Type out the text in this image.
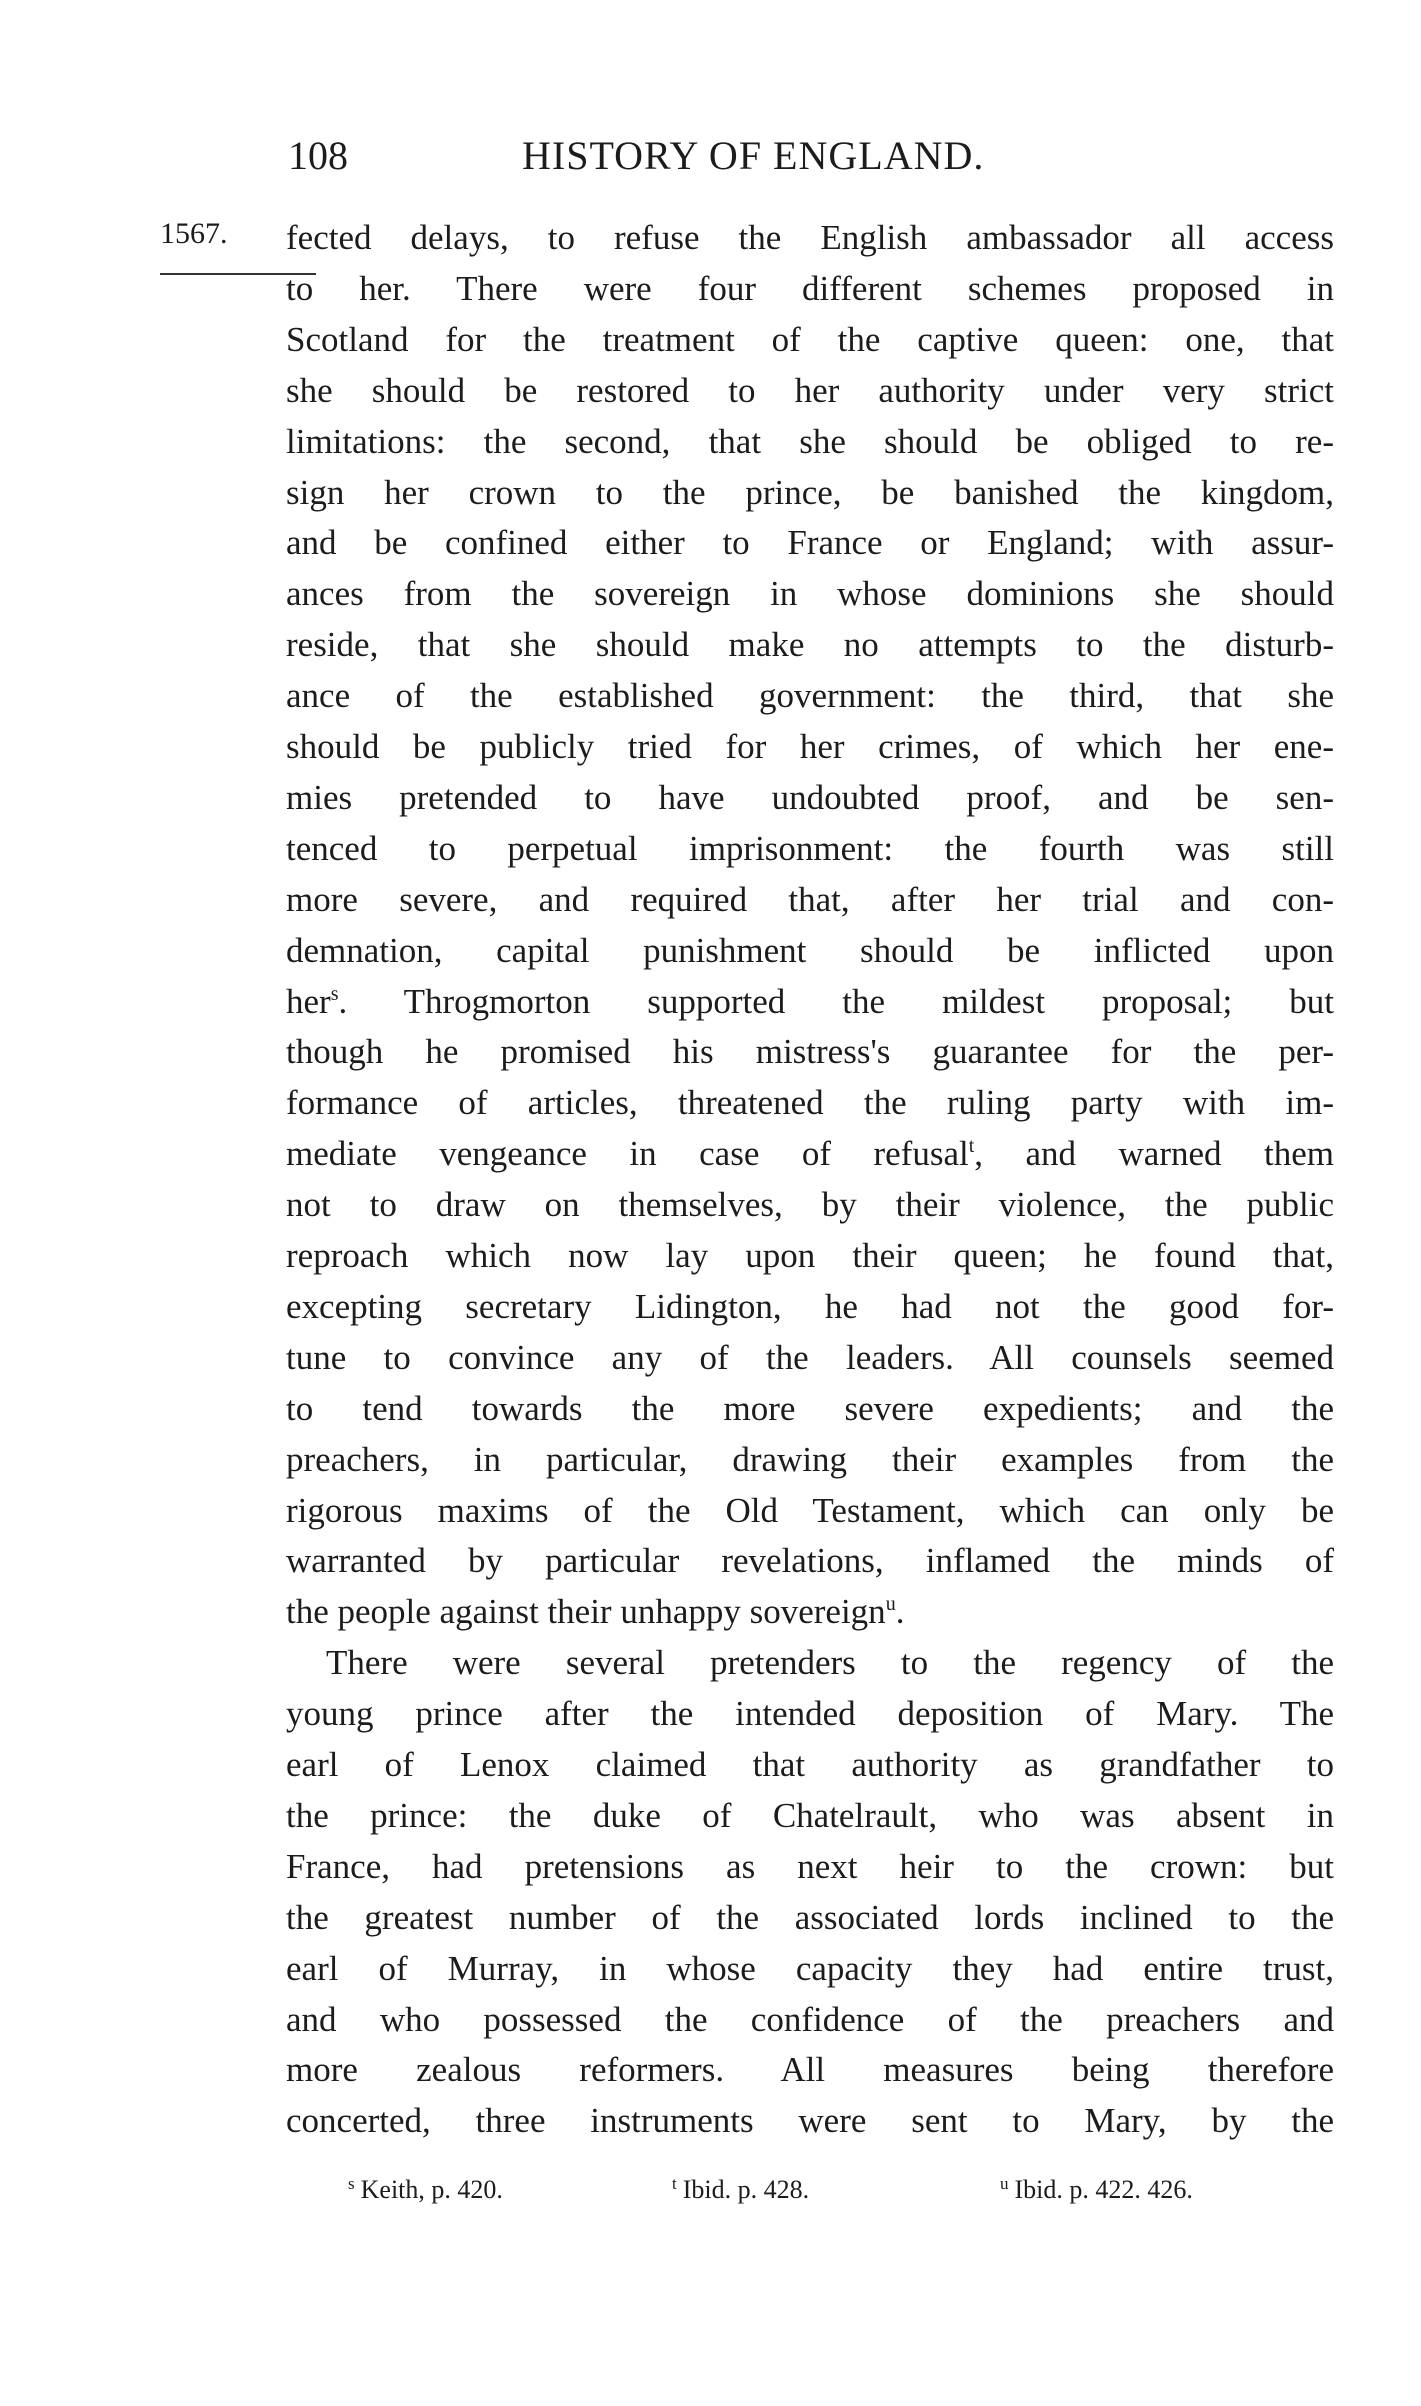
108	HISTORY OF ENGLAND.
1567. fected delays, to refuse the English ambassador all access
to her. There were four different schemes proposed in
Scotland for the treatment of the captive queen: one, that
she should be restored to her authority under very strict
limitations: the second, that she should be obliged to re-
sign her crown to the prince, be banished the kingdom,
and be confined either to France or England; with assur-
ances from the sovereign in whose dominions she should
reside, that she should make no attempts to the disturb-
ance of the established government: the third, that she
should be publicly tried for her crimes, of which her ene-
mies pretended to have undoubted proof, and be sen-
tenced to perpetual imprisonment: the fourth was still
more severe, and required that, after her trial and con-
demnation, capital punishment should be inflicted upon
her$^s$. Throgmorton supported the mildest proposal; but
though he promised his mistress's guarantee for the per-
formance of articles, threatened the ruling party with im-
mediate vengeance in case of refusal$^t$, and warned them
not to draw on themselves, by their violence, the public
reproach which now lay upon their queen; he found that,
excepting secretary Lidington, he had not the good for-
tune to convince any of the leaders. All counsels seemed
to tend towards the more severe expedients; and the
preachers, in particular, drawing their examples from the
rigorous maxims of the Old Testament, which can only be
warranted by particular revelations, inflamed the minds of
the people against their unhappy sovereign$^u$.
There were several pretenders to the regency of the
young prince after the intended deposition of Mary. The
earl of Lenox claimed that authority as grandfather to
the prince: the duke of Chatelrault, who was absent in
France, had pretensions as next heir to the crown: but
the greatest number of the associated lords inclined to the
earl of Murray, in whose capacity they had entire trust,
and who possessed the confidence of the preachers and
more zealous reformers. All measures being therefore
concerted, three instruments were sent to Mary, by the
$^s$ Keith, p. 420.	$^t$ Ibid. p. 428.	$^u$ Ibid. p. 422. 426.
